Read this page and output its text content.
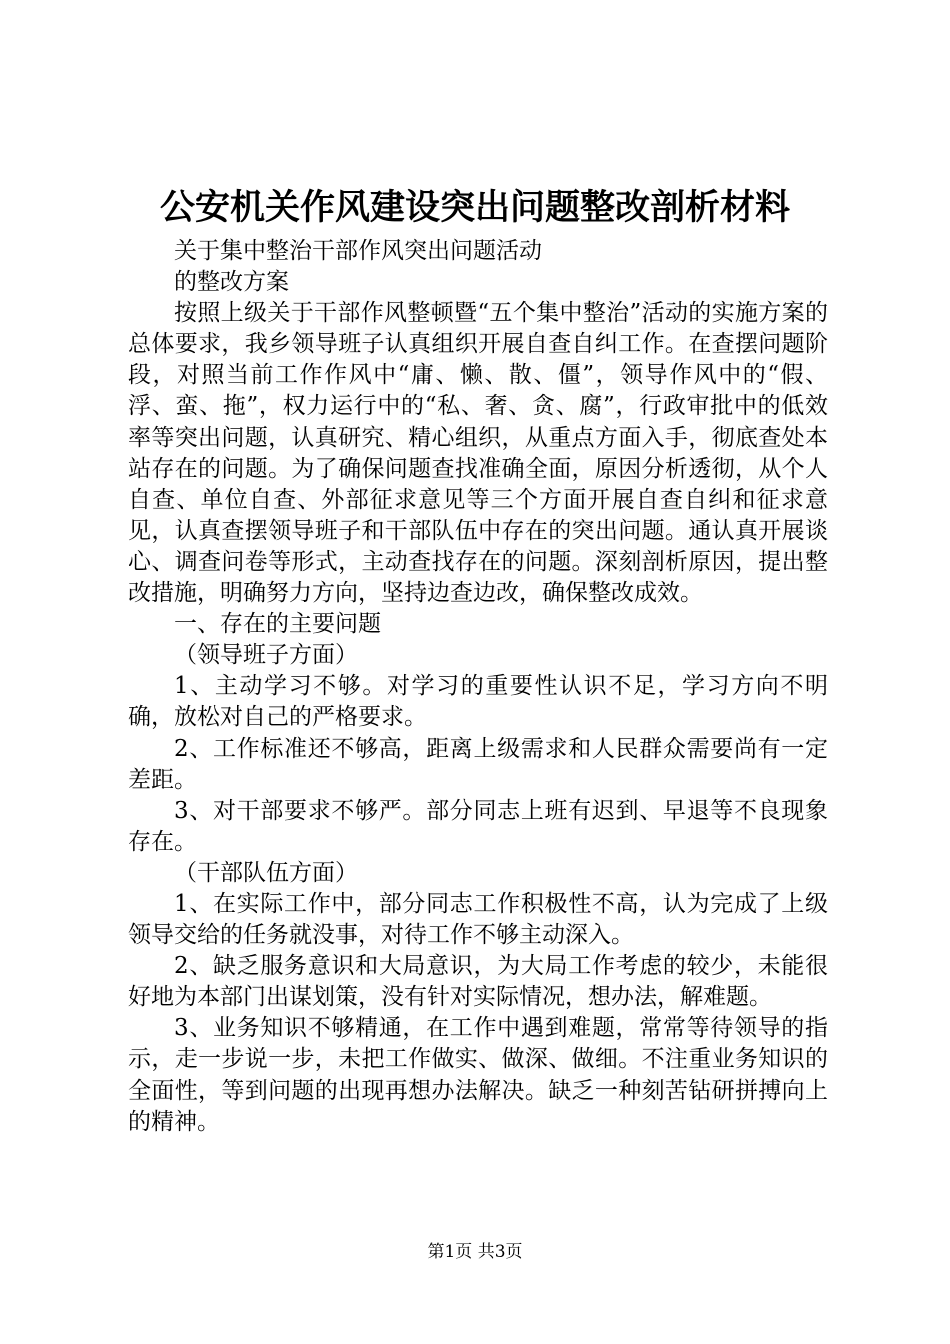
公安机关作风建设突出问题整改剖析材料

关于集中整治干部作风突出问题活动

的整改方案

按照上级关于干部作风整顿暨“五个集中整治”活动的实施方案的总体要求，我乡领导班子认真组织开展自查自纠工作。在查摆问题阶段，对照当前工作作风中“庸、懒、散、僵”，领导作风中的“假、浮、蛮、拖”，权力运行中的“私、奢、贪、腐”，行政审批中的低效率等突出问题，认真研究、精心组织，从重点方面入手，彻底查处本站存在的问题。为了确保问题查找准确全面，原因分析透彻，从个人自查、单位自查、外部征求意见等三个方面开展自查自纠和征求意见，认真查摆领导班子和干部队伍中存在的突出问题。通认真开展谈心、调查问卷等形式，主动查找存在的问题。深刻剖析原因，提出整改措施，明确努力方向，坚持边查边改，确保整改成效。

一、存在的主要问题

（领导班子方面）

1、主动学习不够。对学习的重要性认识不足，学习方向不明确，放松对自己的严格要求。

2、工作标准还不够高，距离上级需求和人民群众需要尚有一定差距。

3、对干部要求不够严。部分同志上班有迟到、早退等不良现象存在。

（干部队伍方面）

1、在实际工作中，部分同志工作积极性不高，认为完成了上级领导交给的任务就没事，对待工作不够主动深入。

2、缺乏服务意识和大局意识，为大局工作考虑的较少，未能很好地为本部门出谋划策，没有针对实际情况，想办法，解难题。

3、业务知识不够精通，在工作中遇到难题，常常等待领导的指示，走一步说一步，未把工作做实、做深、做细。不注重业务知识的全面性，等到问题的出现再想办法解决。缺乏一种刻苦钻研拼搏向上的精神。

第1页 共3页
